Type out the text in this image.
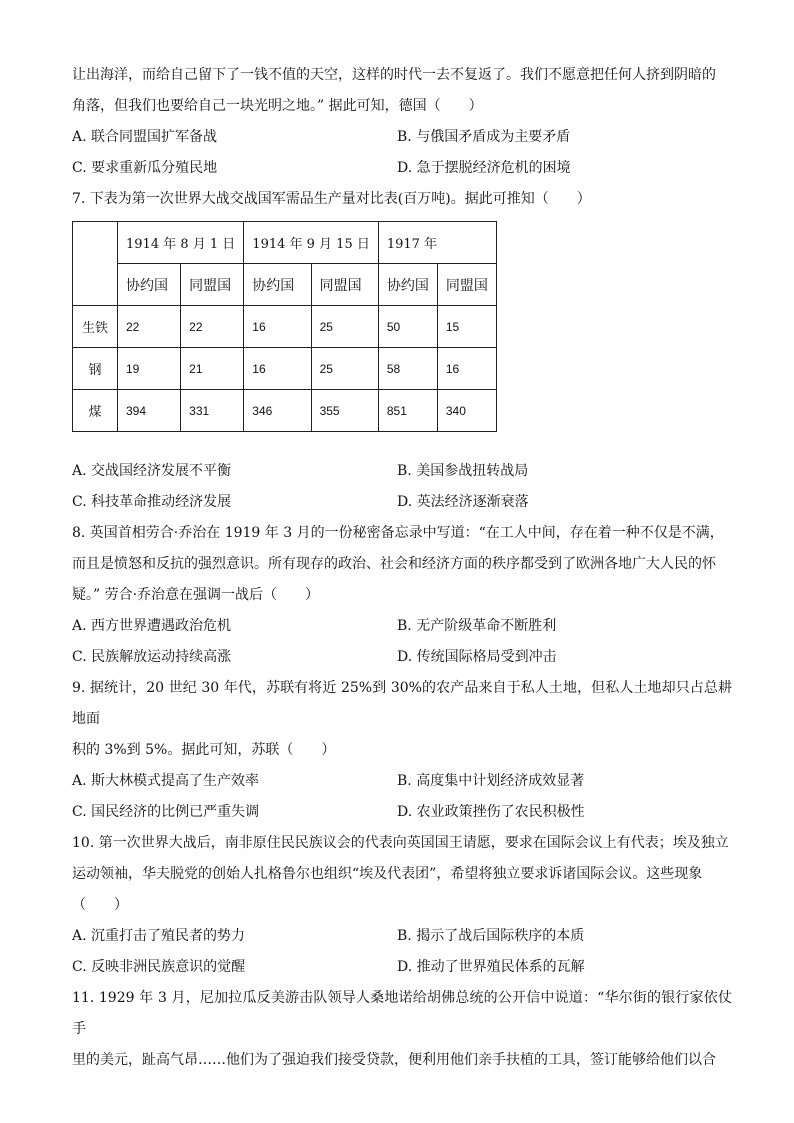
让出海洋，而给自己留下了一钱不值的天空，这样的时代一去不复返了。我们不愿意把任何人挤到阴暗的

角落，但我们也要给自己一块光明之地。” 据此可知，德国（　　）

A. 联合同盟国扩军备战	B. 与俄国矛盾成为主要矛盾
C. 要求重新瓜分殖民地	D. 急于摆脱经济危机的困境

7. 下表为第一次世界大战交战国军需品生产量对比表(百万吨)。据此可推知（　　）

	1914 年 8 月 1 日		1914 年 9 月 15 日		1917 年	
	协约国	同盟国	协约国	同盟国	协约国	同盟国
生铁	22	22	16	25	50	15
钢	19	21	16	25	58	16
煤	394	331	346	355	851	340
A. 交战国经济发展不平衡	B. 美国参战扭转战局
C. 科技革命推动经济发展	D. 英法经济逐渐衰落

8. 英国首相劳合·乔治在 1919 年 3 月的一份秘密备忘录中写道：“在工人中间，存在着一种不仅是不满，

而且是愤怒和反抗的强烈意识。所有现存的政治、社会和经济方面的秩序都受到了欧洲各地广大人民的怀

疑。” 劳合·乔治意在强调一战后（　　）

A. 西方世界遭遇政治危机	B. 无产阶级革命不断胜利
C. 民族解放运动持续高涨	D. 传统国际格局受到冲击

9. 据统计，20 世纪 30 年代，苏联有将近 25%到 30%的农产品来自于私人土地，但私人土地却只占总耕地面

积的 3%到 5%。据此可知，苏联（　　）

A. 斯大林模式提高了生产效率	B. 高度集中计划经济成效显著
C. 国民经济的比例已严重失调	D. 农业政策挫伤了农民积极性

10. 第一次世界大战后，南非原住民民族议会的代表向英国国王请愿，要求在国际会议上有代表；埃及独立

运动领袖，华夫脱党的创始人扎格鲁尔也组织“埃及代表团”，希望将独立要求诉诸国际会议。这些现象

（　　）

A. 沉重打击了殖民者的势力	B. 揭示了战后国际秩序的本质
C. 反映非洲民族意识的觉醒	D. 推动了世界殖民体系的瓦解

11. 1929 年 3 月，尼加拉瓜反美游击队领导人桑地诺给胡佛总统的公开信中说道：“华尔街的银行家依仗手

里的美元，趾高气昂……他们为了强迫我们接受贷款，便利用他们亲手扶植的工具，签订能够给他们以合
